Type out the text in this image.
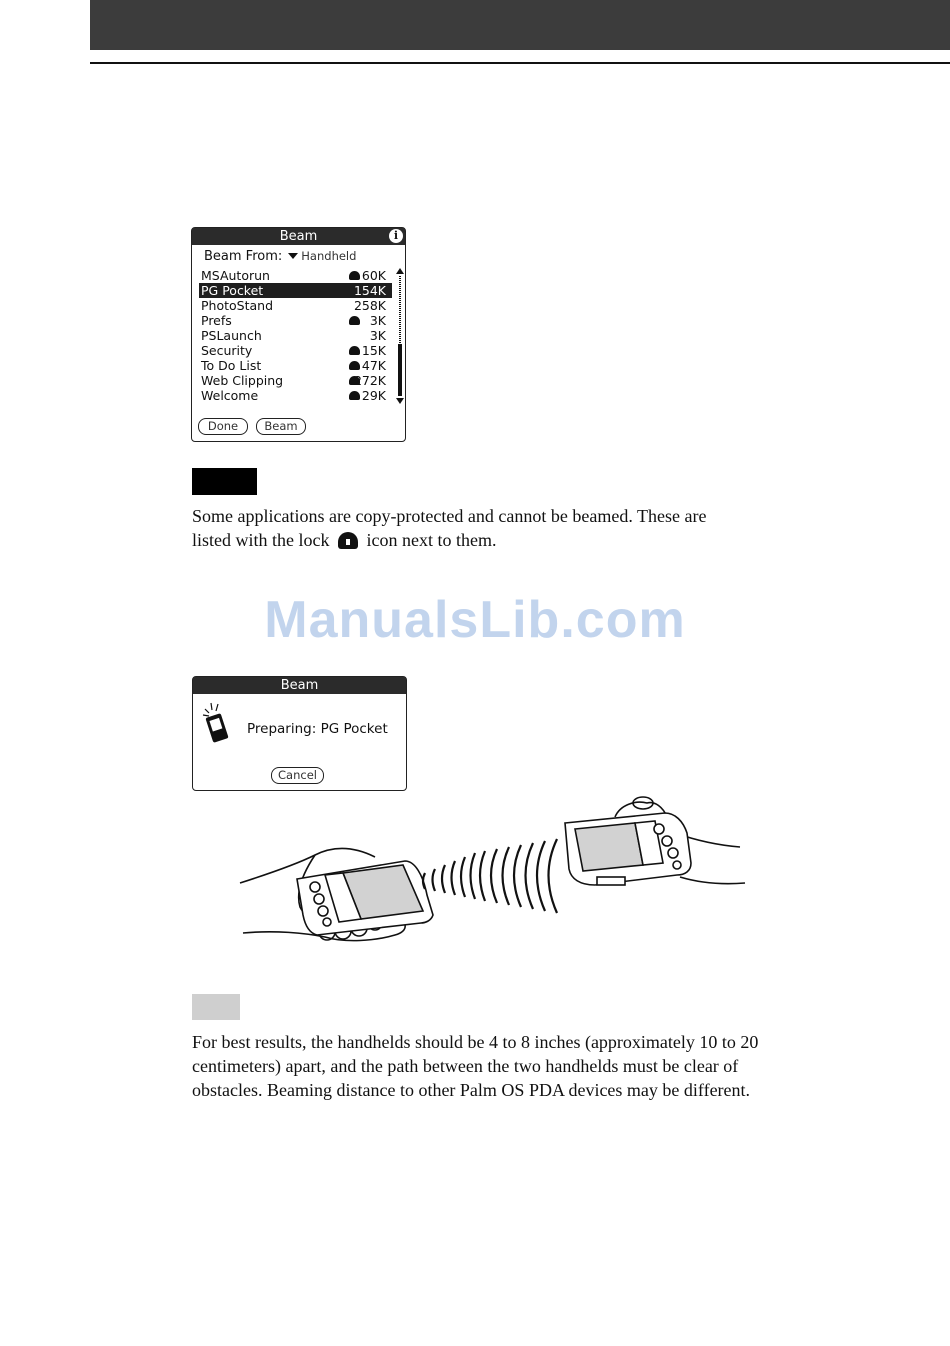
Beam	i
Beam From: Handheld
MSAutorun	60K
PG Pocket	154K
PhotoStand	258K
Prefs	3K
PSLaunch	3K
Security	15K
To Do List	47K
Web Clipping	272K
Welcome	29K
Done	Beam

Some applications are copy-protected and cannot be beamed. These are
listed with the lock icon next to them.

ManualsLib.com
Beam
Preparing: PG Pocket
Cancel

For best results, the handhelds should be 4 to 8 inches (approximately 10 to 20 centimeters) apart, and the path between the two handhelds must be clear of obstacles. Beaming distance to other Palm OS PDA devices may be different.
